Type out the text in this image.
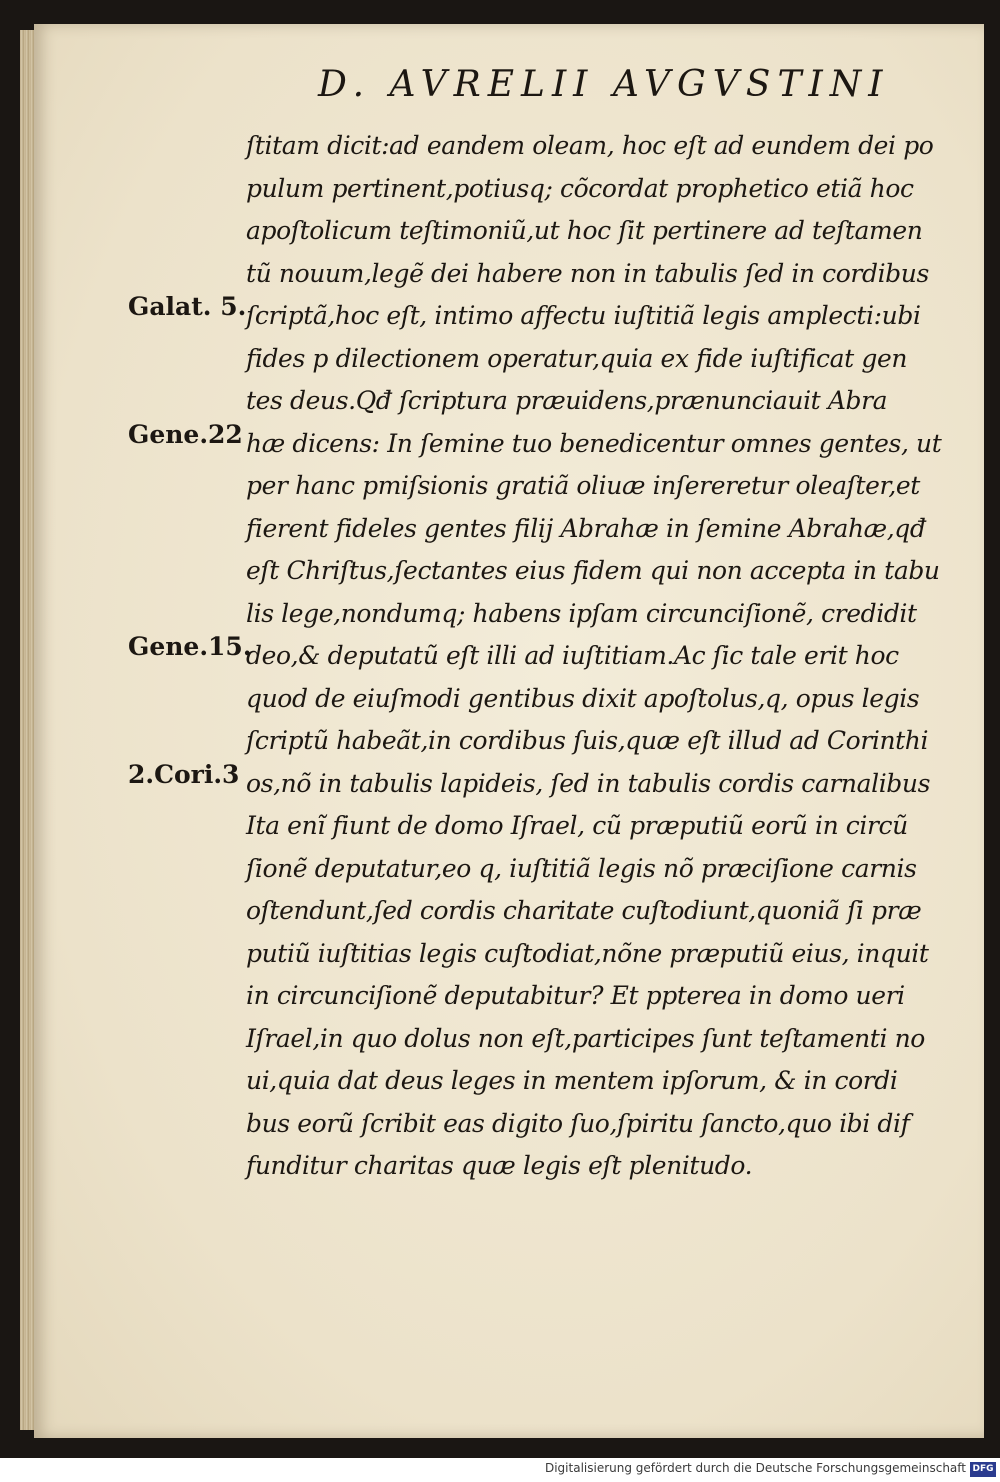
D. AVRELII AVGVSTINI
ſtitam dicit:ad eandem oleam, hoc eſt ad eundem dei po
pulum pertinent,potiusq; cõcordat prophetico etiã hoc
apoſtolicum teſtimoniũ,ut hoc ſit pertinere ad teſtamen
tũ nouum,legẽ dei habere non in tabulis ſed in cordibus
ſcriptã,hoc eſt, intimo affectu iuſtitiã legis amplecti:ubi
fides p dilectionem operatur,quia ex fide iuſtificat gen
tes deus.Qđ ſcriptura præuidens,prænunciauit Abra
hæ dicens: In ſemine tuo benedicentur omnes gentes, ut
per hanc pmiſsionis gratiã oliuæ inſereretur oleaſter,et
fierent fideles gentes filij Abrahæ in ſemine Abrahæ,qđ
eſt Chriſtus,ſectantes eius fidem qui non accepta in tabu
lis lege,nondumq; habens ipſam circunciſionẽ, credidit
deo,& deputatũ eſt illi ad iuſtitiam.Ac ſic tale erit hoc
quod de eiuſmodi gentibus dixit apoſtolus,q, opus legis
ſcriptũ habeãt,in cordibus ſuis,quæ eſt illud ad Corinthi
os,nõ in tabulis lapideis, ſed in tabulis cordis carnalibus
Ita enĩ fiunt de domo Iſrael, cũ præputiũ eorũ in circũ
ſionẽ deputatur,eo q, iuſtitiã legis nõ præciſione carnis
oſtendunt,ſed cordis charitate cuſtodiunt,quoniã ſi præ
putiũ iuſtitias legis cuſtodiat,nõne præputiũ eius, inquit
in circunciſionẽ deputabitur? Et ppterea in domo ueri
Iſrael,in quo dolus non eſt,participes ſunt teſtamenti no
ui,quia dat deus leges in mentem ipſorum, & in cordi
bus eorũ ſcribit eas digito ſuo,ſpiritu ſancto,quo ibi dif
funditur charitas quæ legis eſt plenitudo.
Galat. 5.
Gene.22
Gene.15.
2.Cori.3
Digitalisierung gefördert durch die Deutsche Forschungsgemeinschaft DFG
